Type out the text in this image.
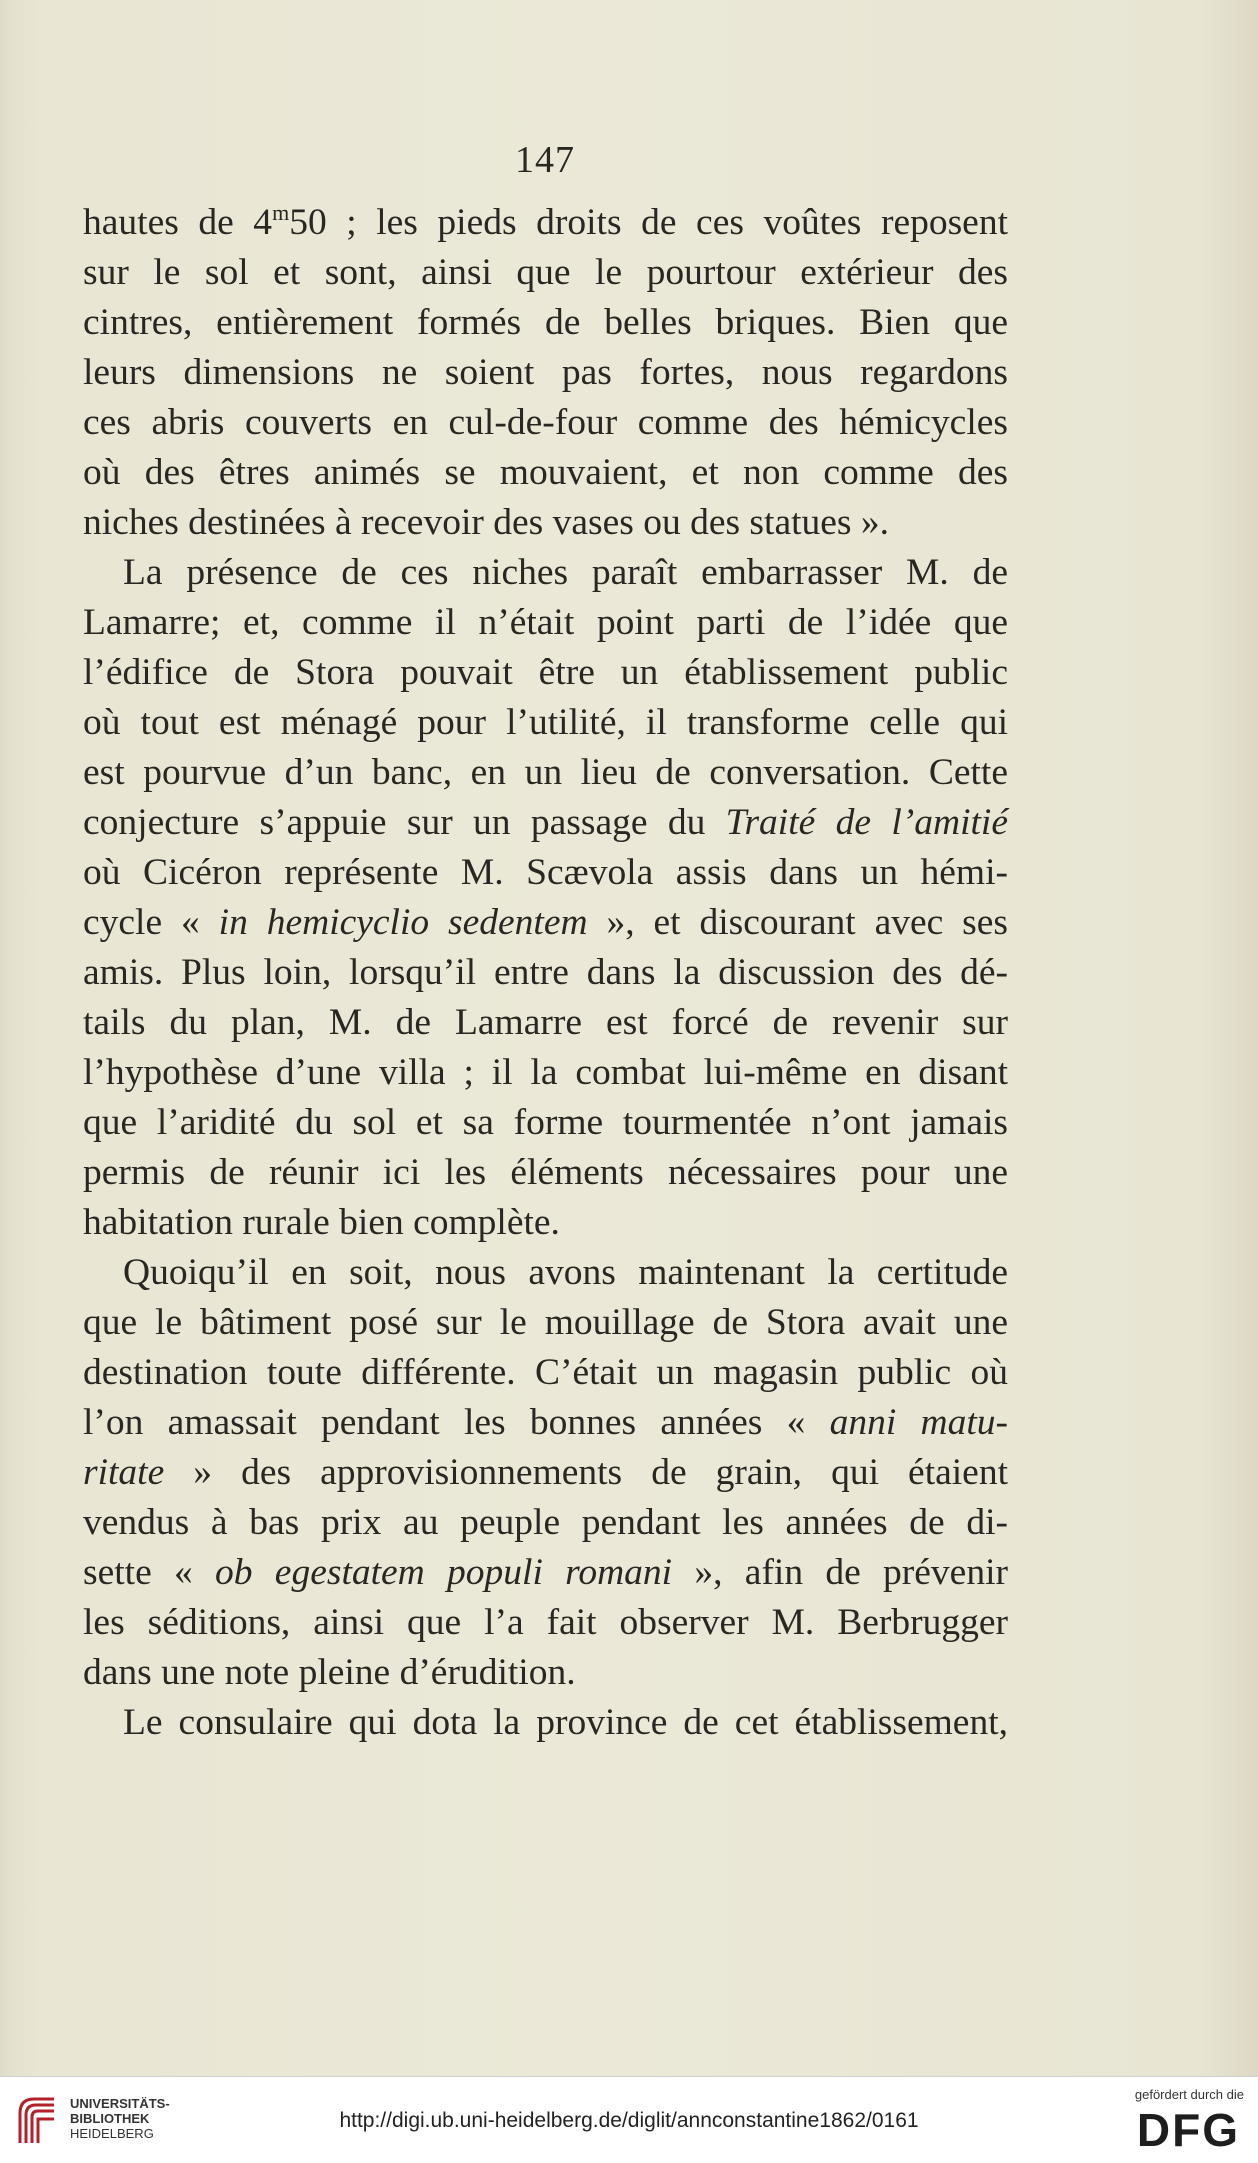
147
hautes de 4$^m$50 ; les pieds droits de ces voûtes reposent
sur le sol et sont, ainsi que le pourtour extérieur des
cintres, entièrement formés de belles briques. Bien que
leurs dimensions ne soient pas fortes, nous regardons
ces abris couverts en cul-de-four comme des hémicycles
où des êtres animés se mouvaient, et non comme des
niches destinées à recevoir des vases ou des statues ».
La présence de ces niches paraît embarrasser M. de
Lamarre; et, comme il n’était point parti de l’idée que
l’édifice de Stora pouvait être un établissement public
où tout est ménagé pour l’utilité, il transforme celle qui
est pourvue d’un banc, en un lieu de conversation. Cette
conjecture s’appuie sur un passage du Traité de l’amitié
où Cicéron représente M. Scævola assis dans un hémi-
cycle « in hemicyclio sedentem », et discourant avec ses
amis. Plus loin, lorsqu’il entre dans la discussion des dé-
tails du plan, M. de Lamarre est forcé de revenir sur
l’hypothèse d’une villa ; il la combat lui-même en disant
que l’aridité du sol et sa forme tourmentée n’ont jamais
permis de réunir ici les éléments nécessaires pour une
habitation rurale bien complète.
Quoiqu’il en soit, nous avons maintenant la certitude
que le bâtiment posé sur le mouillage de Stora avait une
destination toute différente. C’était un magasin public où
l’on amassait pendant les bonnes années « anni matu-
ritate » des approvisionnements de grain, qui étaient
vendus à bas prix au peuple pendant les années de di-
sette « ob egestatem populi romani », afin de prévenir
les séditions, ainsi que l’a fait observer M. Berbrugger
dans une note pleine d’érudition.
Le consulaire qui dota la province de cet établissement,
UNIVERSITÄTS-
BIBLIOTHEK
HEIDELBERG
http://digi.ub.uni-heidelberg.de/diglit/annconstantine1862/0161
gefördert durch die
DFG
